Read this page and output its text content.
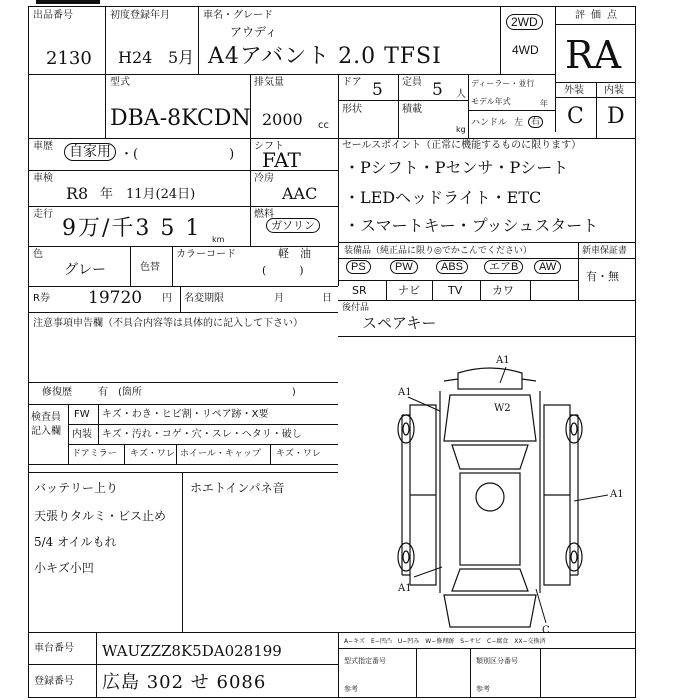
出品番号
2130
初度登録年月
H24 5月
車名・グレード
アウディ
A4アバント 2.0 TFSI
2WD
4WD
評価点
RA
型式
DBA-8KCDN
排気量
2000 cc
ドア 5
形状
定員 5 人
積載
kg
ディーラー・並行
モデル年式	年
ハンドル 左 右
外装 内装
C D
車歴	自家用 ・(　　　　　　　)
シフト
FAT
車検
R8 年　11月(24日)
冷房
AAC
走行
9万/千3 5 1 km
燃料
ガソリン
軽　油
(　　　)
色
グレー	色替
カラーコード
R券 19720 円 名変期限	月	日
セールスポイント（正常に機能するものに限ります）
・Pシフト・Pセンサ・Pシート
・LEDヘッドライト・ETC
・スマートキー・プッシュスタート
装備品（純正品に限り◎でかこんでください）	新車保証書
PS	PW	ABS	エアB	AW
有・無
SR	ナビ	TV	カワ
後付品
スペアキー
注意事項申告欄（不具合内容等は具体的に記入して下さい）
修復歴	有　(箇所　　　　　　　　　　　　　　　)
検査員
記入欄
FW キズ・わき・ヒビ割・リペア跡・X要
内装 キズ・汚れ・コゲ・穴・スレ・ヘタリ・破し
ドアミラー キズ・ワレ ホイール・キャップ キズ・ワレ
バッテリー上り
天張りタルミ・ビス止め
5/4 オイルもれ
小キズ小凹
ホエトインパネ音
A1
A1
A1
A1
W2
C
車台番号 WAUZZZ8K5DA028199
登録番号 広島 302 せ 6086
A−キズ　E−凹凸　U−凹み　W−修理跡　S−サビ　C−腐食　XX−交換済
型式指定番号	類別区分番号
参考	参考
